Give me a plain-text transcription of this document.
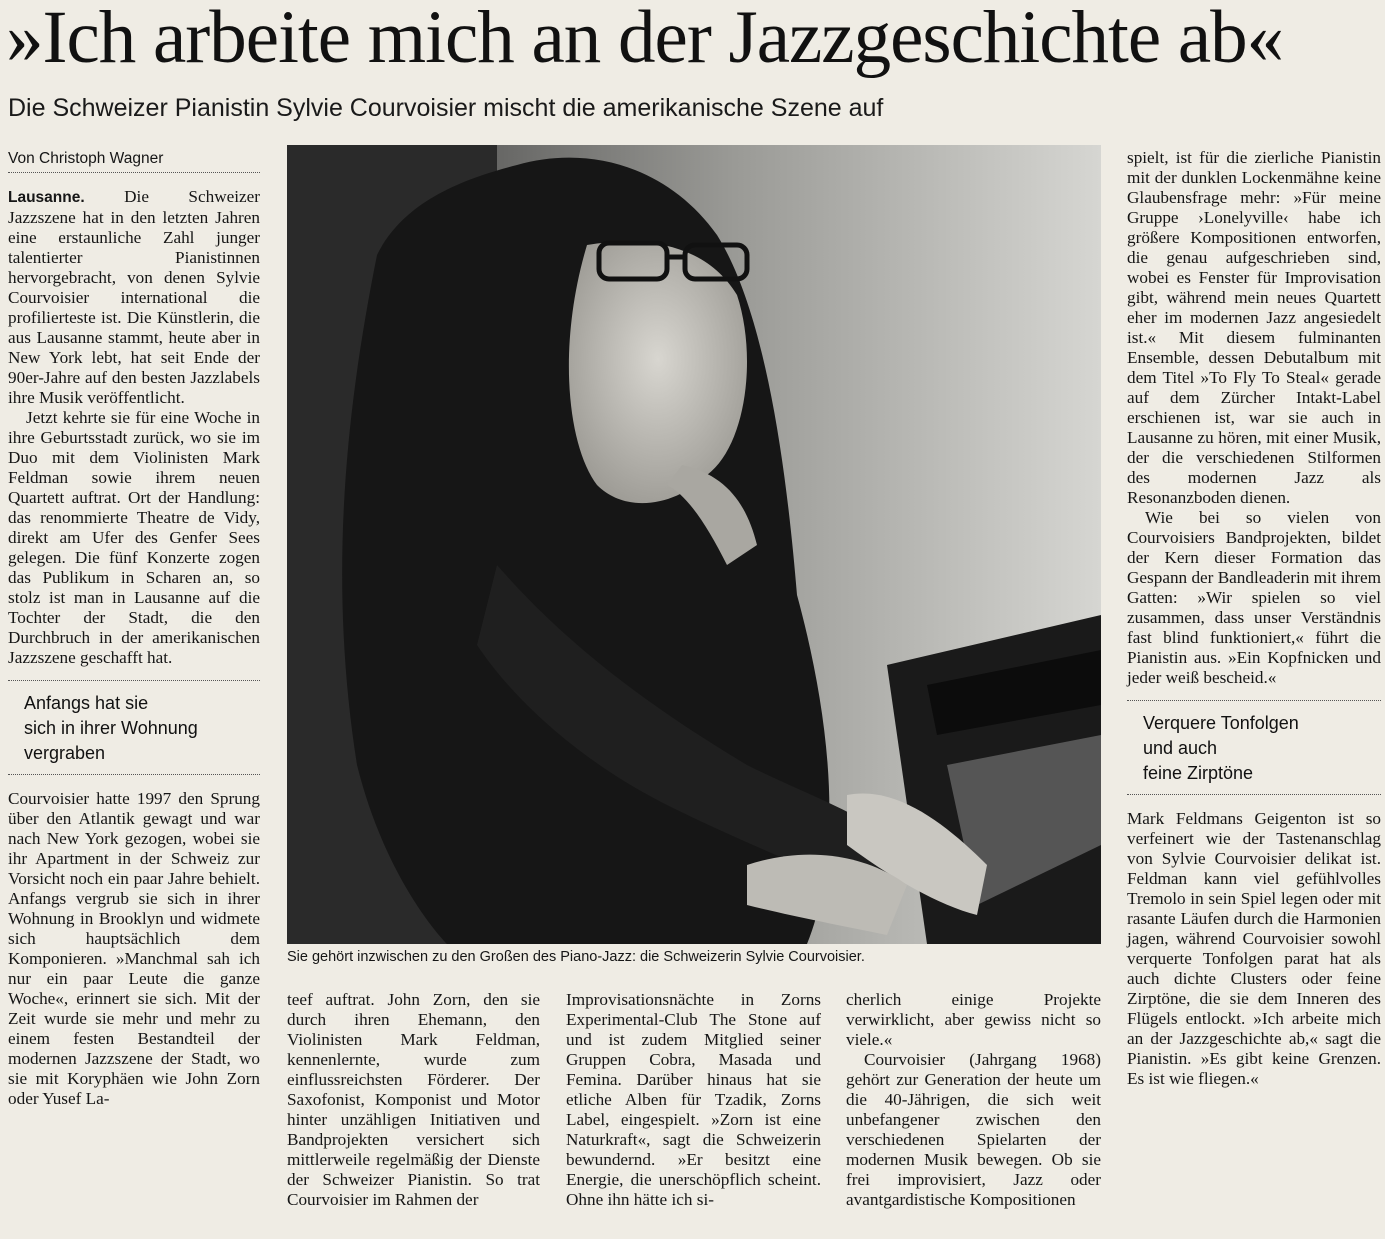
»Ich arbeite mich an der Jazzgeschichte ab«
Die Schweizer Pianistin Sylvie Courvoisier mischt die amerikanische Szene auf
Von Christoph Wagner

Lausanne. Die Schweizer Jazzszene hat in den letzten Jahren eine erstaunliche Zahl junger talentierter Pianistinnen hervorgebracht, von denen Sylvie Courvoisier international die profilierteste ist. Die Künstlerin, die aus Lausanne stammt, heute aber in New York lebt, hat seit Ende der 90er-Jahre auf den besten Jazzlabels ihre Musik veröffentlicht.

Jetzt kehrte sie für eine Woche in ihre Geburtsstadt zurück, wo sie im Duo mit dem Violinisten Mark Feldman sowie ihrem neuen Quartett auftrat. Ort der Handlung: das renommierte Theatre de Vidy, direkt am Ufer des Genfer Sees gelegen. Die fünf Konzerte zogen das Publikum in Scharen an, so stolz ist man in Lausanne auf die Tochter der Stadt, die den Durchbruch in der amerikanischen Jazzszene geschafft hat.

Anfangs hat sie
sich in ihrer Wohnung
vergraben

Courvoisier hatte 1997 den Sprung über den Atlantik gewagt und war nach New York gezogen, wobei sie ihr Apartment in der Schweiz zur Vorsicht noch ein paar Jahre behielt. Anfangs vergrub sie sich in ihrer Wohnung in Brooklyn und widmete sich hauptsächlich dem Komponieren. »Manchmal sah ich nur ein paar Leute die ganze Woche«, erinnert sie sich. Mit der Zeit wurde sie mehr und mehr zu einem festen Bestandteil der modernen Jazzszene der Stadt, wo sie mit Koryphäen wie John Zorn oder Yusef La-

Sie gehört inzwischen zu den Großen des Piano-Jazz: die Schweizerin Sylvie Courvoisier.

teef auftrat. John Zorn, den sie durch ihren Ehemann, den Violinisten Mark Feldman, kennenlernte, wurde zum einflussreichsten Förderer. Der Saxofonist, Komponist und Motor hinter unzähligen Initiativen und Bandprojekten versichert sich mittlerweile regelmäßig der Dienste der Schweizer Pianistin. So trat Courvoisier im Rahmen der

Improvisationsnächte in Zorns Experimental-Club The Stone auf und ist zudem Mitglied seiner Gruppen Cobra, Masada und Femina. Darüber hinaus hat sie etliche Alben für Tzadik, Zorns Label, eingespielt. »Zorn ist eine Naturkraft«, sagt die Schweizerin bewundernd. »Er besitzt eine Energie, die unerschöpflich scheint. Ohne ihn hätte ich si-

cherlich einige Projekte verwirklicht, aber gewiss nicht so viele.«

Courvoisier (Jahrgang 1968) gehört zur Generation der heute um die 40-Jährigen, die sich weit unbefangener zwischen den verschiedenen Spielarten der modernen Musik bewegen. Ob sie frei improvisiert, Jazz oder avantgardistische Kompositionen

spielt, ist für die zierliche Pianistin mit der dunklen Lockenmähne keine Glaubensfrage mehr: »Für meine Gruppe ›Lonelyville‹ habe ich größere Kompositionen entworfen, die genau aufgeschrieben sind, wobei es Fenster für Improvisation gibt, während mein neues Quartett eher im modernen Jazz angesiedelt ist.« Mit diesem fulminanten Ensemble, dessen Debutalbum mit dem Titel »To Fly To Steal« gerade auf dem Zürcher Intakt-Label erschienen ist, war sie auch in Lausanne zu hören, mit einer Musik, der die verschiedenen Stilformen des modernen Jazz als Resonanzboden dienen.

Wie bei so vielen von Courvoisiers Bandprojekten, bildet der Kern dieser Formation das Gespann der Bandleaderin mit ihrem Gatten: »Wir spielen so viel zusammen, dass unser Verständnis fast blind funktioniert,« führt die Pianistin aus. »Ein Kopfnicken und jeder weiß bescheid.«

Verquere Tonfolgen
und auch
feine Zirptöne

Mark Feldmans Geigenton ist so verfeinert wie der Tastenanschlag von Sylvie Courvoisier delikat ist. Feldman kann viel gefühlvolles Tremolo in sein Spiel legen oder mit rasante Läufen durch die Harmonien jagen, während Courvoisier sowohl verquerte Tonfolgen parat hat als auch dichte Clusters oder feine Zirptöne, die sie dem Inneren des Flügels entlockt. »Ich arbeite mich an der Jazzgeschichte ab,« sagt die Pianistin. »Es gibt keine Grenzen. Es ist wie fliegen.«
